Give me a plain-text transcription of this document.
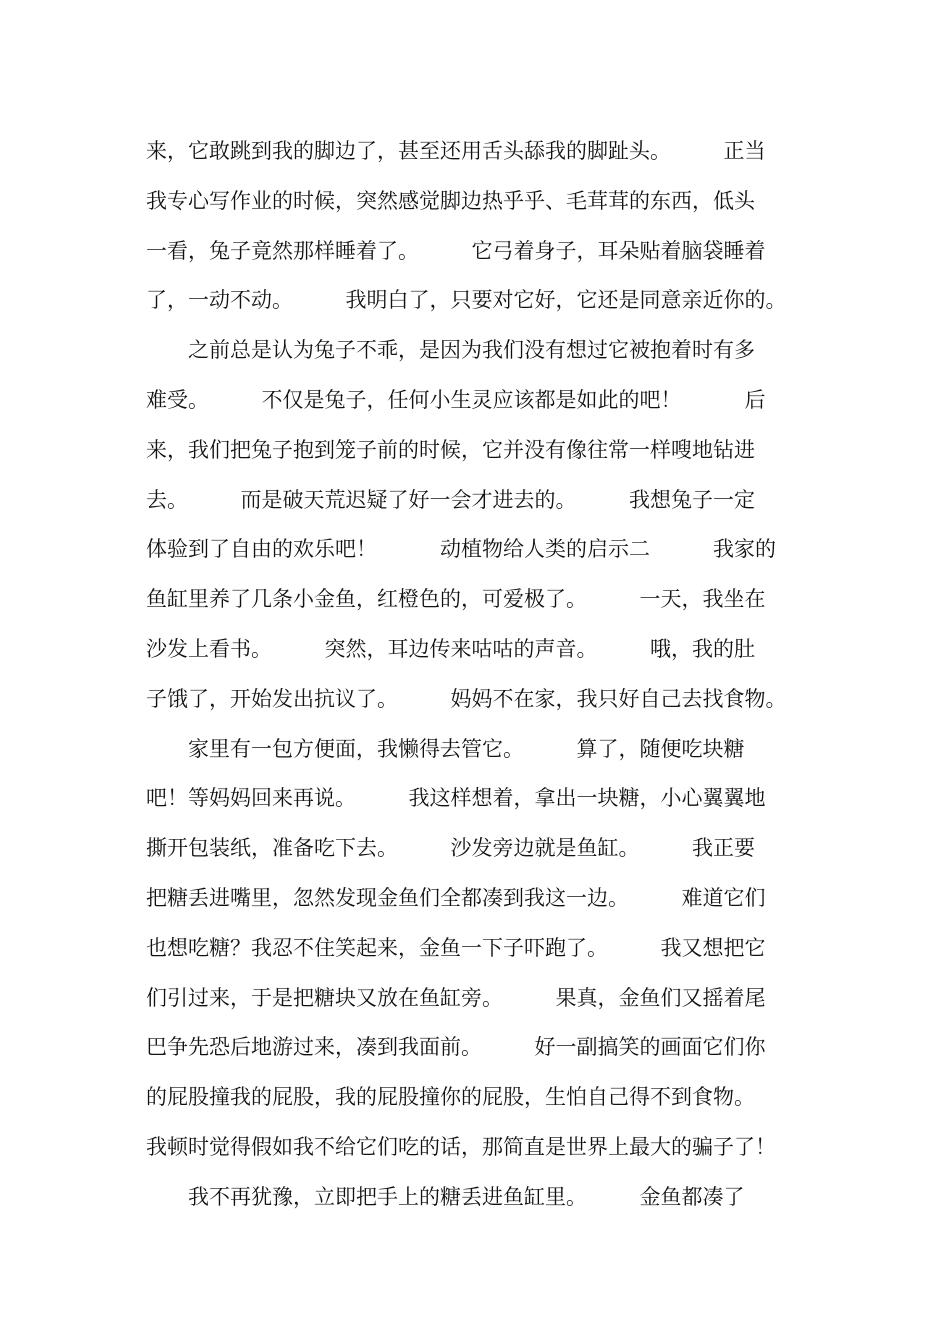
来，它敢跳到我的脚边了，甚至还用舌头舔我的脚趾头。　　　正当
我专心写作业的时候，突然感觉脚边热乎乎、毛茸茸的东西，低头
一看，兔子竟然那样睡着了。　　　它弓着身子，耳朵贴着脑袋睡着
了，一动不动。　　　我明白了，只要对它好，它还是同意亲近你的。
　　之前总是认为兔子不乖，是因为我们没有想过它被抱着时有多
难受。　　　不仅是兔子，任何小生灵应该都是如此的吧！　　　后
来，我们把兔子抱到笼子前的时候，它并没有像往常一样嗖地钻进
去。　　　而是破天荒迟疑了好一会才进去的。　　　我想兔子一定
体验到了自由的欢乐吧！　　　动植物给人类的启示二　　　我家的
鱼缸里养了几条小金鱼，红橙色的，可爱极了。　　　一天，我坐在
沙发上看书。　　　突然，耳边传来咕咕的声音。　　　哦，我的肚
子饿了，开始发出抗议了。　　　妈妈不在家，我只好自己去找食物。
　　家里有一包方便面，我懒得去管它。　　　算了，随便吃块糖
吧！等妈妈回来再说。　　　我这样想着，拿出一块糖，小心翼翼地
撕开包装纸，准备吃下去。　　　沙发旁边就是鱼缸。　　　我正要
把糖丢进嘴里，忽然发现金鱼们全都凑到我这一边。　　　难道它们
也想吃糖？我忍不住笑起来，金鱼一下子吓跑了。　　　我又想把它
们引过来，于是把糖块又放在鱼缸旁。　　　果真，金鱼们又摇着尾
巴争先恐后地游过来，凑到我面前。　　　好一副搞笑的画面它们你
的屁股撞我的屁股，我的屁股撞你的屁股，生怕自己得不到食物。
我顿时觉得假如我不给它们吃的话，那简直是世界上最大的骗子了！
　　我不再犹豫，立即把手上的糖丢进鱼缸里。　　　金鱼都凑了
